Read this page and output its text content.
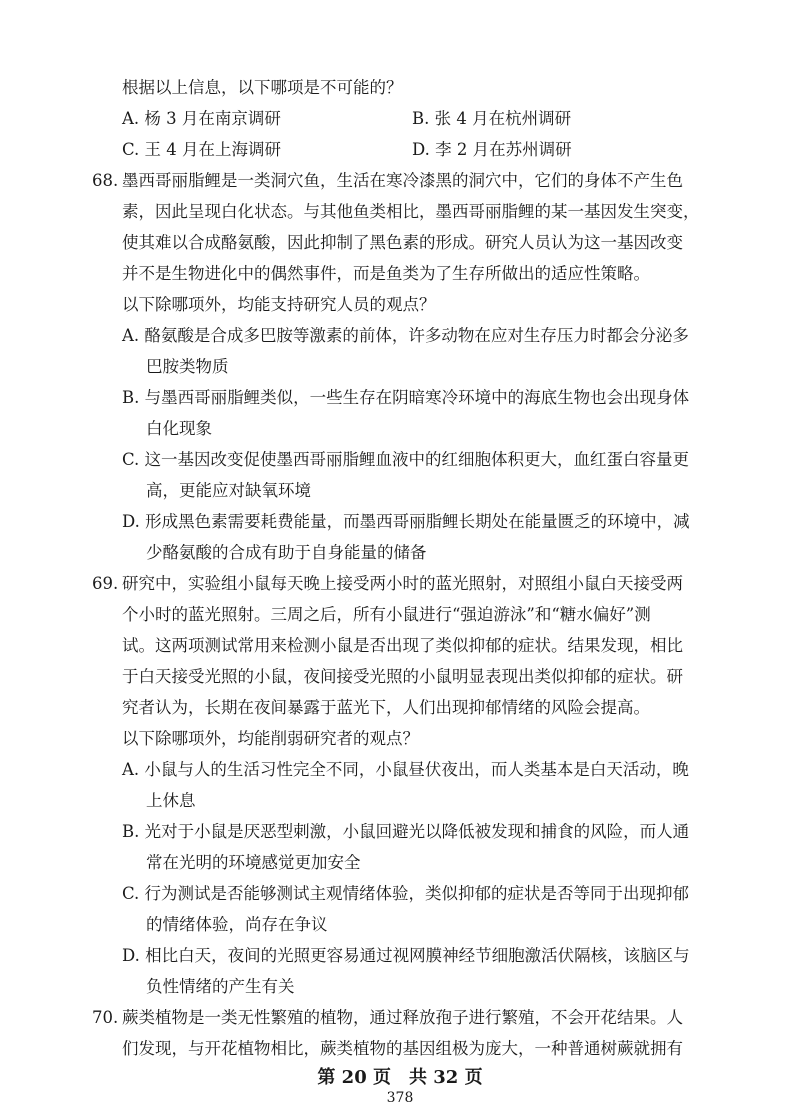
根据以上信息，以下哪项是不可能的？
A. 杨 3 月在南京调研	B. 张 4 月在杭州调研
C. 王 4 月在上海调研	D. 李 2 月在苏州调研
68. 墨西哥丽脂鲤是一类洞穴鱼，生活在寒冷漆黑的洞穴中，它们的身体不产生色
素，因此呈现白化状态。与其他鱼类相比，墨西哥丽脂鲤的某一基因发生突变，
使其难以合成酪氨酸，因此抑制了黑色素的形成。研究人员认为这一基因改变
并不是生物进化中的偶然事件，而是鱼类为了生存所做出的适应性策略。
以下除哪项外，均能支持研究人员的观点？
A. 酪氨酸是合成多巴胺等激素的前体，许多动物在应对生存压力时都会分泌多
巴胺类物质
B. 与墨西哥丽脂鲤类似，一些生存在阴暗寒冷环境中的海底生物也会出现身体
白化现象
C. 这一基因改变促使墨西哥丽脂鲤血液中的红细胞体积更大，血红蛋白容量更
高，更能应对缺氧环境
D. 形成黑色素需要耗费能量，而墨西哥丽脂鲤长期处在能量匮乏的环境中，减
少酪氨酸的合成有助于自身能量的储备
69. 研究中，实验组小鼠每天晚上接受两小时的蓝光照射，对照组小鼠白天接受两
个小时的蓝光照射。三周之后，所有小鼠进行“强迫游泳”和“糖水偏好”测
试。这两项测试常用来检测小鼠是否出现了类似抑郁的症状。结果发现，相比
于白天接受光照的小鼠，夜间接受光照的小鼠明显表现出类似抑郁的症状。研
究者认为，长期在夜间暴露于蓝光下，人们出现抑郁情绪的风险会提高。
以下除哪项外，均能削弱研究者的观点？
A. 小鼠与人的生活习性完全不同，小鼠昼伏夜出，而人类基本是白天活动，晚
上休息
B. 光对于小鼠是厌恶型刺激，小鼠回避光以降低被发现和捕食的风险，而人通
常在光明的环境感觉更加安全
C. 行为测试是否能够测试主观情绪体验，类似抑郁的症状是否等同于出现抑郁
的情绪体验，尚存在争议
D. 相比白天，夜间的光照更容易通过视网膜神经节细胞激活伏隔核，该脑区与
负性情绪的产生有关
70. 蕨类植物是一类无性繁殖的植物，通过释放孢子进行繁殖，不会开花结果。人
们发现，与开花植物相比，蕨类植物的基因组极为庞大，一种普通树蕨就拥有
第 20 页　共 32 页
378
